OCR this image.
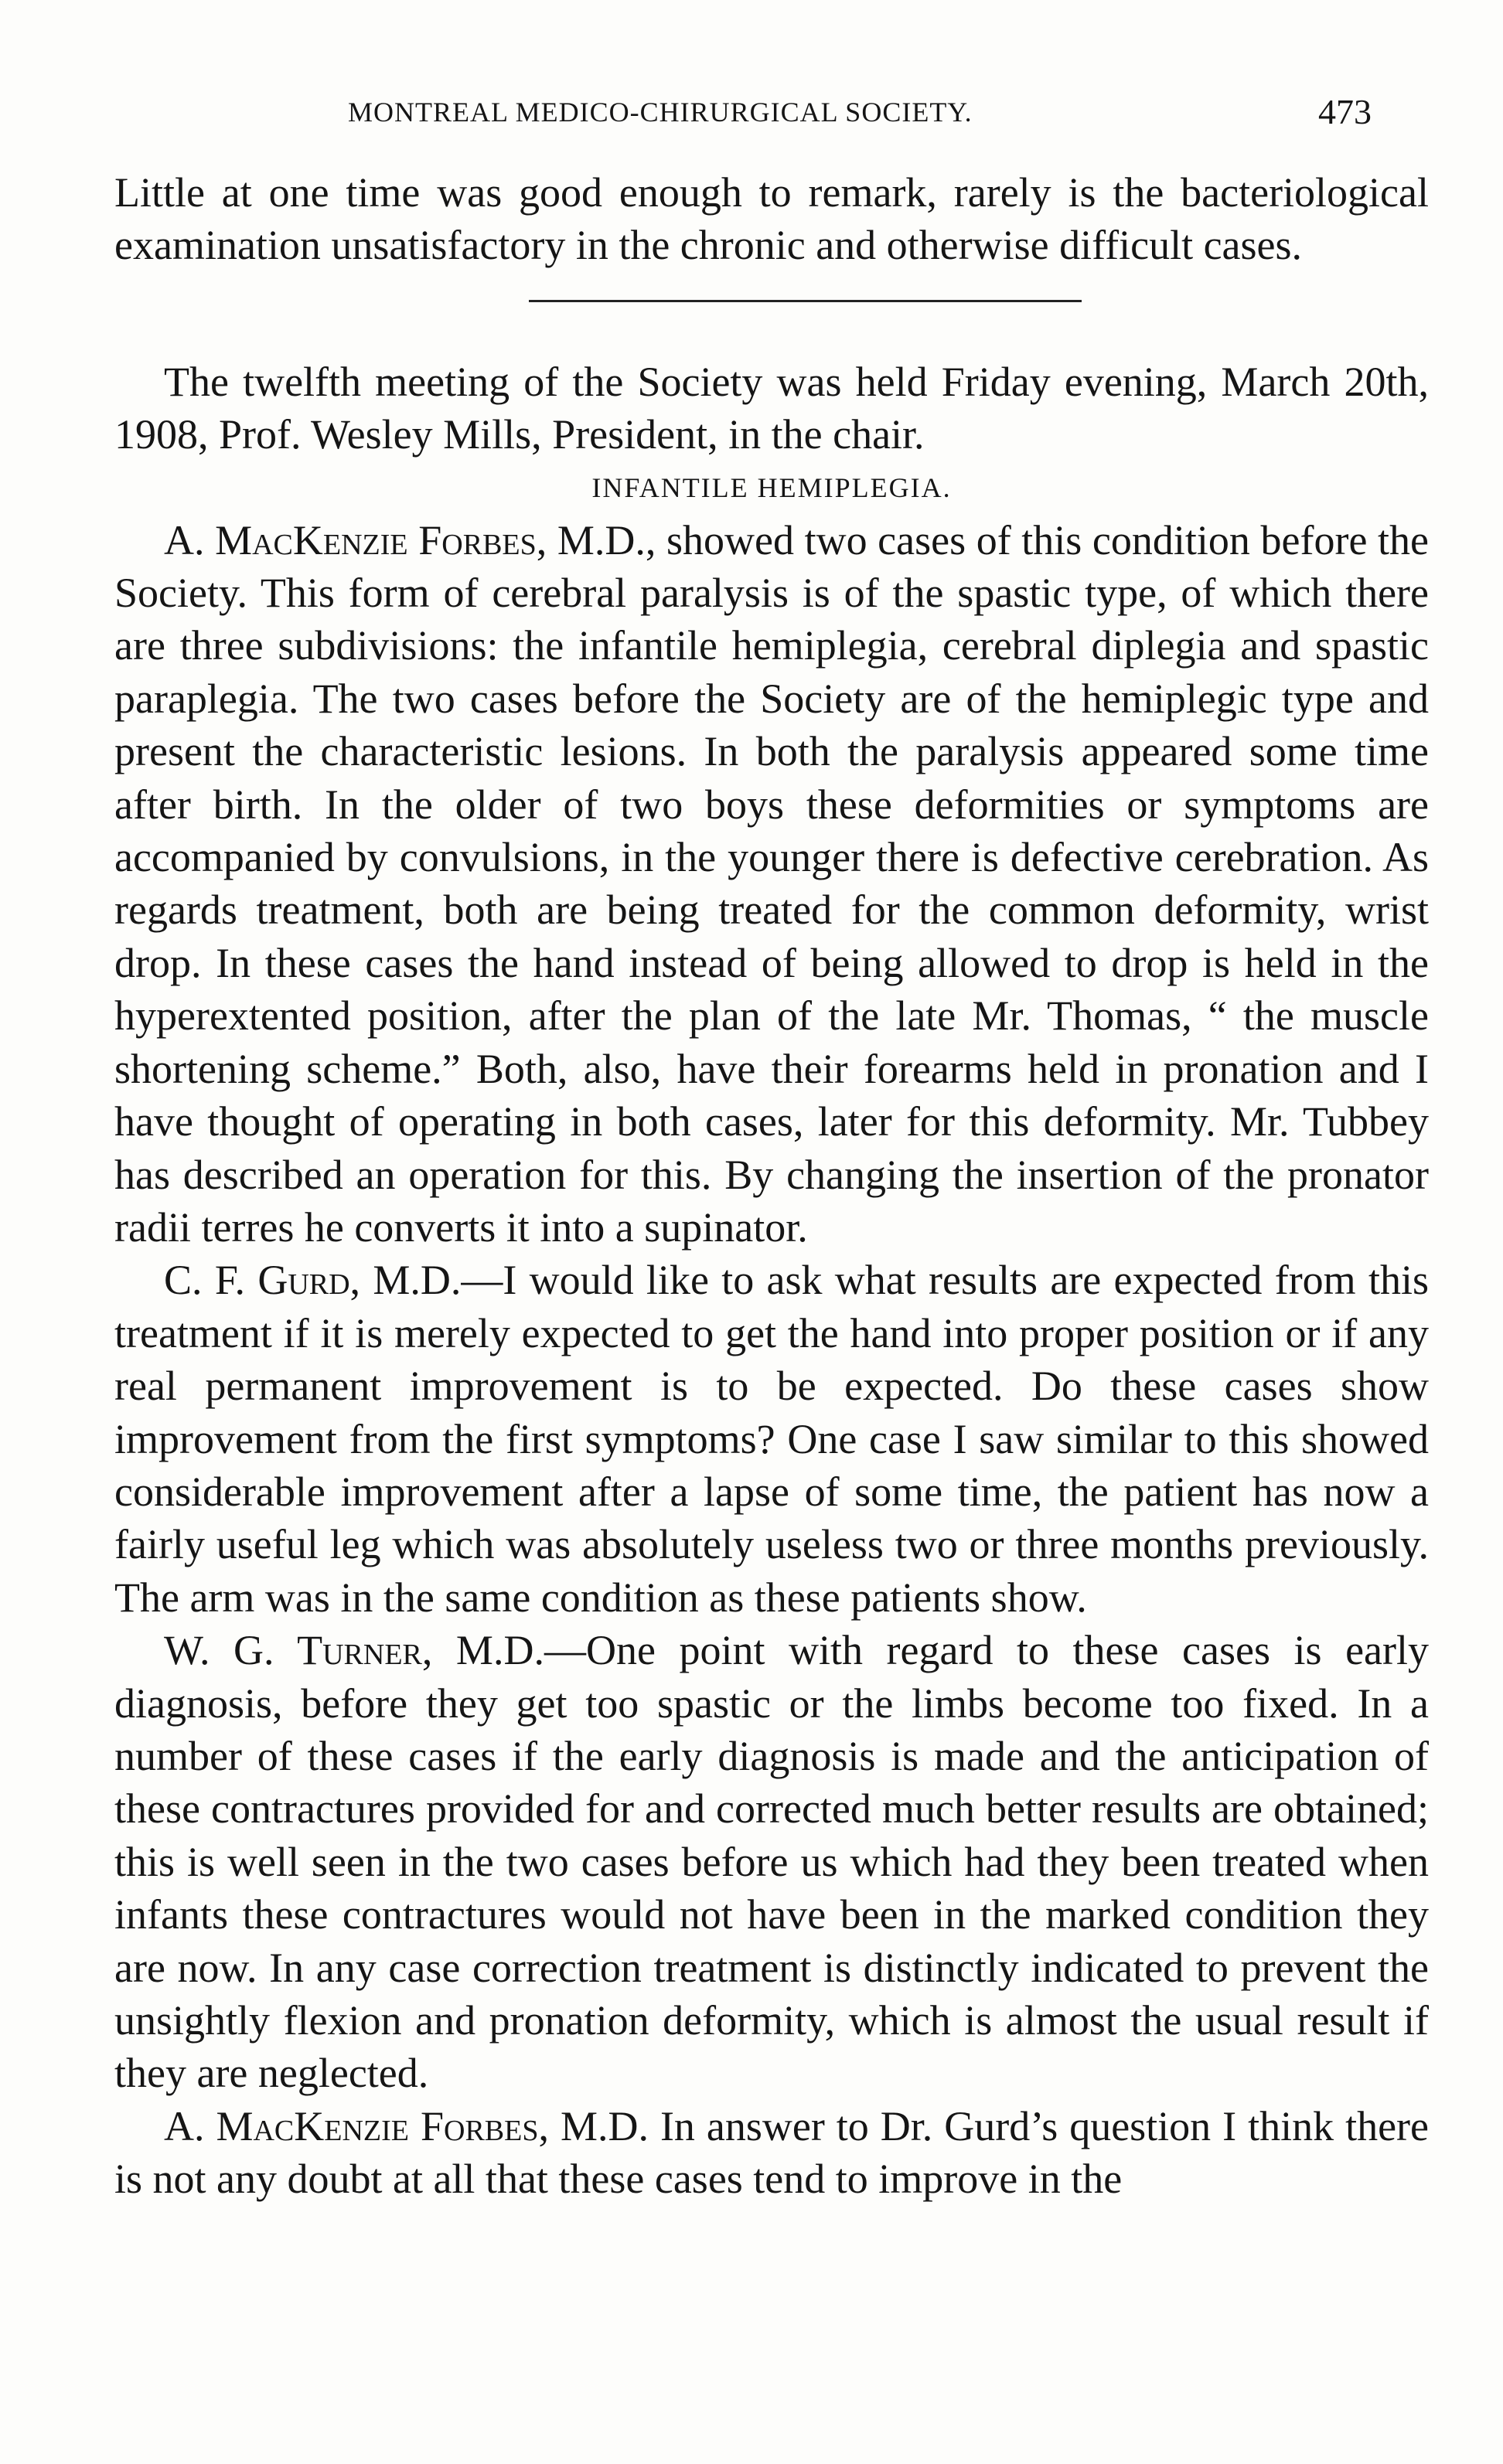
MONTREAL MEDICO-CHIRURGICAL SOCIETY.	473

Little at one time was good enough to remark, rarely is the bacteriological examination unsatisfactory in the chronic and otherwise difficult cases.

The twelfth meeting of the Society was held Friday evening, March 20th, 1908, Prof. Wesley Mills, President, in the chair.

INFANTILE HEMIPLEGIA.

A. MacKenzie Forbes, M.D., showed two cases of this condition before the Society. This form of cerebral paralysis is of the spastic type, of which there are three subdivisions: the infantile hemiplegia, cerebral diplegia and spastic paraplegia. The two cases before the Society are of the hemiplegic type and present the characteristic lesions. In both the paralysis appeared some time after birth. In the older of two boys these deformities or symptoms are accompanied by convulsions, in the younger there is defective cerebration. As regards treatment, both are being treated for the common deformity, wrist drop. In these cases the hand instead of being allowed to drop is held in the hyperextented position, after the plan of the late Mr. Thomas, “ the muscle shortening scheme.” Both, also, have their forearms held in pronation and I have thought of operating in both cases, later for this deformity. Mr. Tubbey has described an operation for this. By changing the insertion of the pronator radii terres he converts it into a supinator.

C. F. Gurd, M.D.—I would like to ask what results are expected from this treatment if it is merely expected to get the hand into proper position or if any real permanent improvement is to be expected. Do these cases show improvement from the first symptoms? One case I saw similar to this showed considerable improvement after a lapse of some time, the patient has now a fairly useful leg which was absolutely useless two or three months previously. The arm was in the same condition as these patients show.

W. G. Turner, M.D.—One point with regard to these cases is early diagnosis, before they get too spastic or the limbs become too fixed. In a number of these cases if the early diagnosis is made and the anticipation of these contractures provided for and corrected much better results are obtained; this is well seen in the two cases before us which had they been treated when infants these contractures would not have been in the marked condition they are now. In any case correction treatment is distinctly indicated to prevent the unsightly flexion and pronation deformity, which is almost the usual result if they are neglected.

A. MacKenzie Forbes, M.D. In answer to Dr. Gurd’s question I think there is not any doubt at all that these cases tend to improve in the
